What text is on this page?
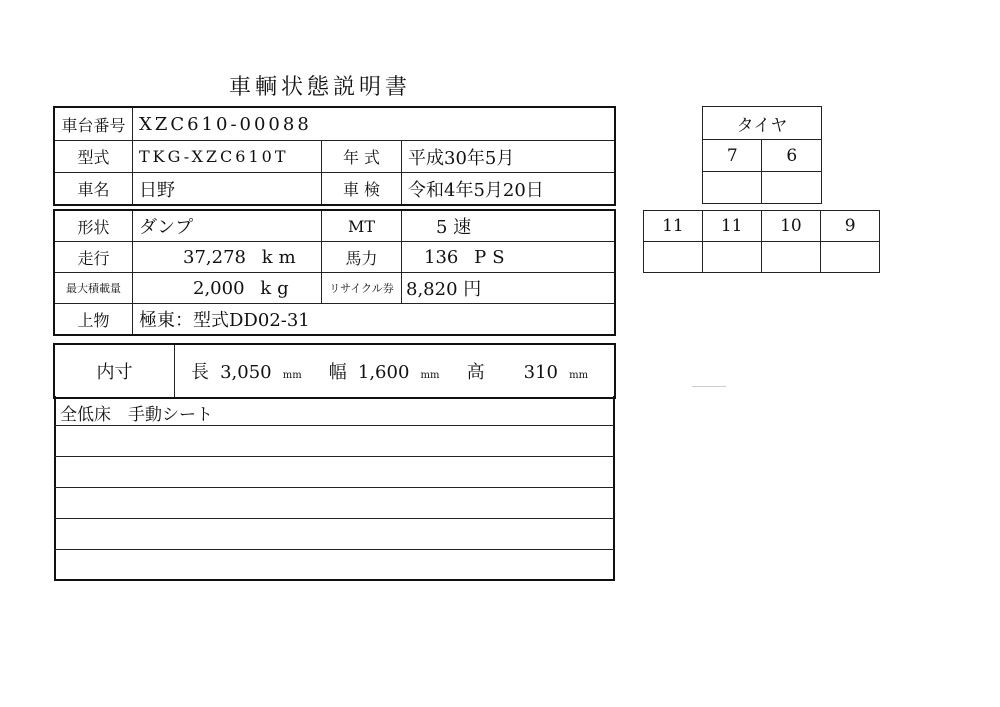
車輌状態説明書
車台番号	XZC610-00088		
型式	TKG-XZC610T	年 式	平成30年5月
車名	日野	車 検	令和4年5月20日
形状	ダンプ	MT	5 速
走行	37,278 km	馬力	136 PS
最大積載量	2,000 kg	リサイクル券	8,820 円
上物	極東：型式DD02-31		
内寸	長 3,050 mm 幅 1,600 mm 高 310 mm
全低床　手動シート
タイヤ	
7	6

11	11	10	9
